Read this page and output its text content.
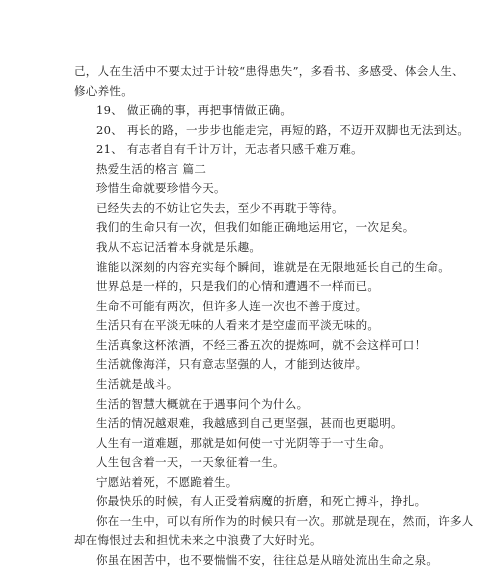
己，人在生活中不要太过于计较“患得患失”，多看书、多感受、体会人生、
修心养性。
19、 做正确的事，再把事情做正确。
20、 再长的路，一步步也能走完，再短的路，不迈开双脚也无法到达。
21、 有志者自有千计万计，无志者只感千难万难。
热爱生活的格言 篇二
珍惜生命就要珍惜今天。
已经失去的不妨让它失去，至少不再耽于等待。
我们的生命只有一次，但我们如能正确地运用它，一次足矣。
我从不忘记活着本身就是乐趣。
谁能以深刻的内容充实每个瞬间，谁就是在无限地延长自己的生命。
世界总是一样的，只是我们的心情和遭遇不一样而已。
生命不可能有两次，但许多人连一次也不善于度过。
生活只有在平淡无味的人看来才是空虚而平淡无味的。
生活真象这杯浓酒，不经三番五次的提炼呵，就不会这样可口！
生活就像海洋，只有意志坚强的人，才能到达彼岸。
生活就是战斗。
生活的智慧大概就在于遇事问个为什么。
生活的情况越艰难，我越感到自己更坚强，甚而也更聪明。
人生有一道难题，那就是如何使一寸光阴等于一寸生命。
人生包含着一天，一天象征着一生。
宁愿站着死，不愿跪着生。
你最快乐的时候，有人正受着病魔的折磨，和死亡搏斗，挣扎。
你在一生中，可以有所作为的时候只有一次。那就是现在，然而，许多人
却在悔恨过去和担忧未来之中浪费了大好时光。
你虽在困苦中，也不要惴惴不安，往往总是从暗处流出生命之泉。
